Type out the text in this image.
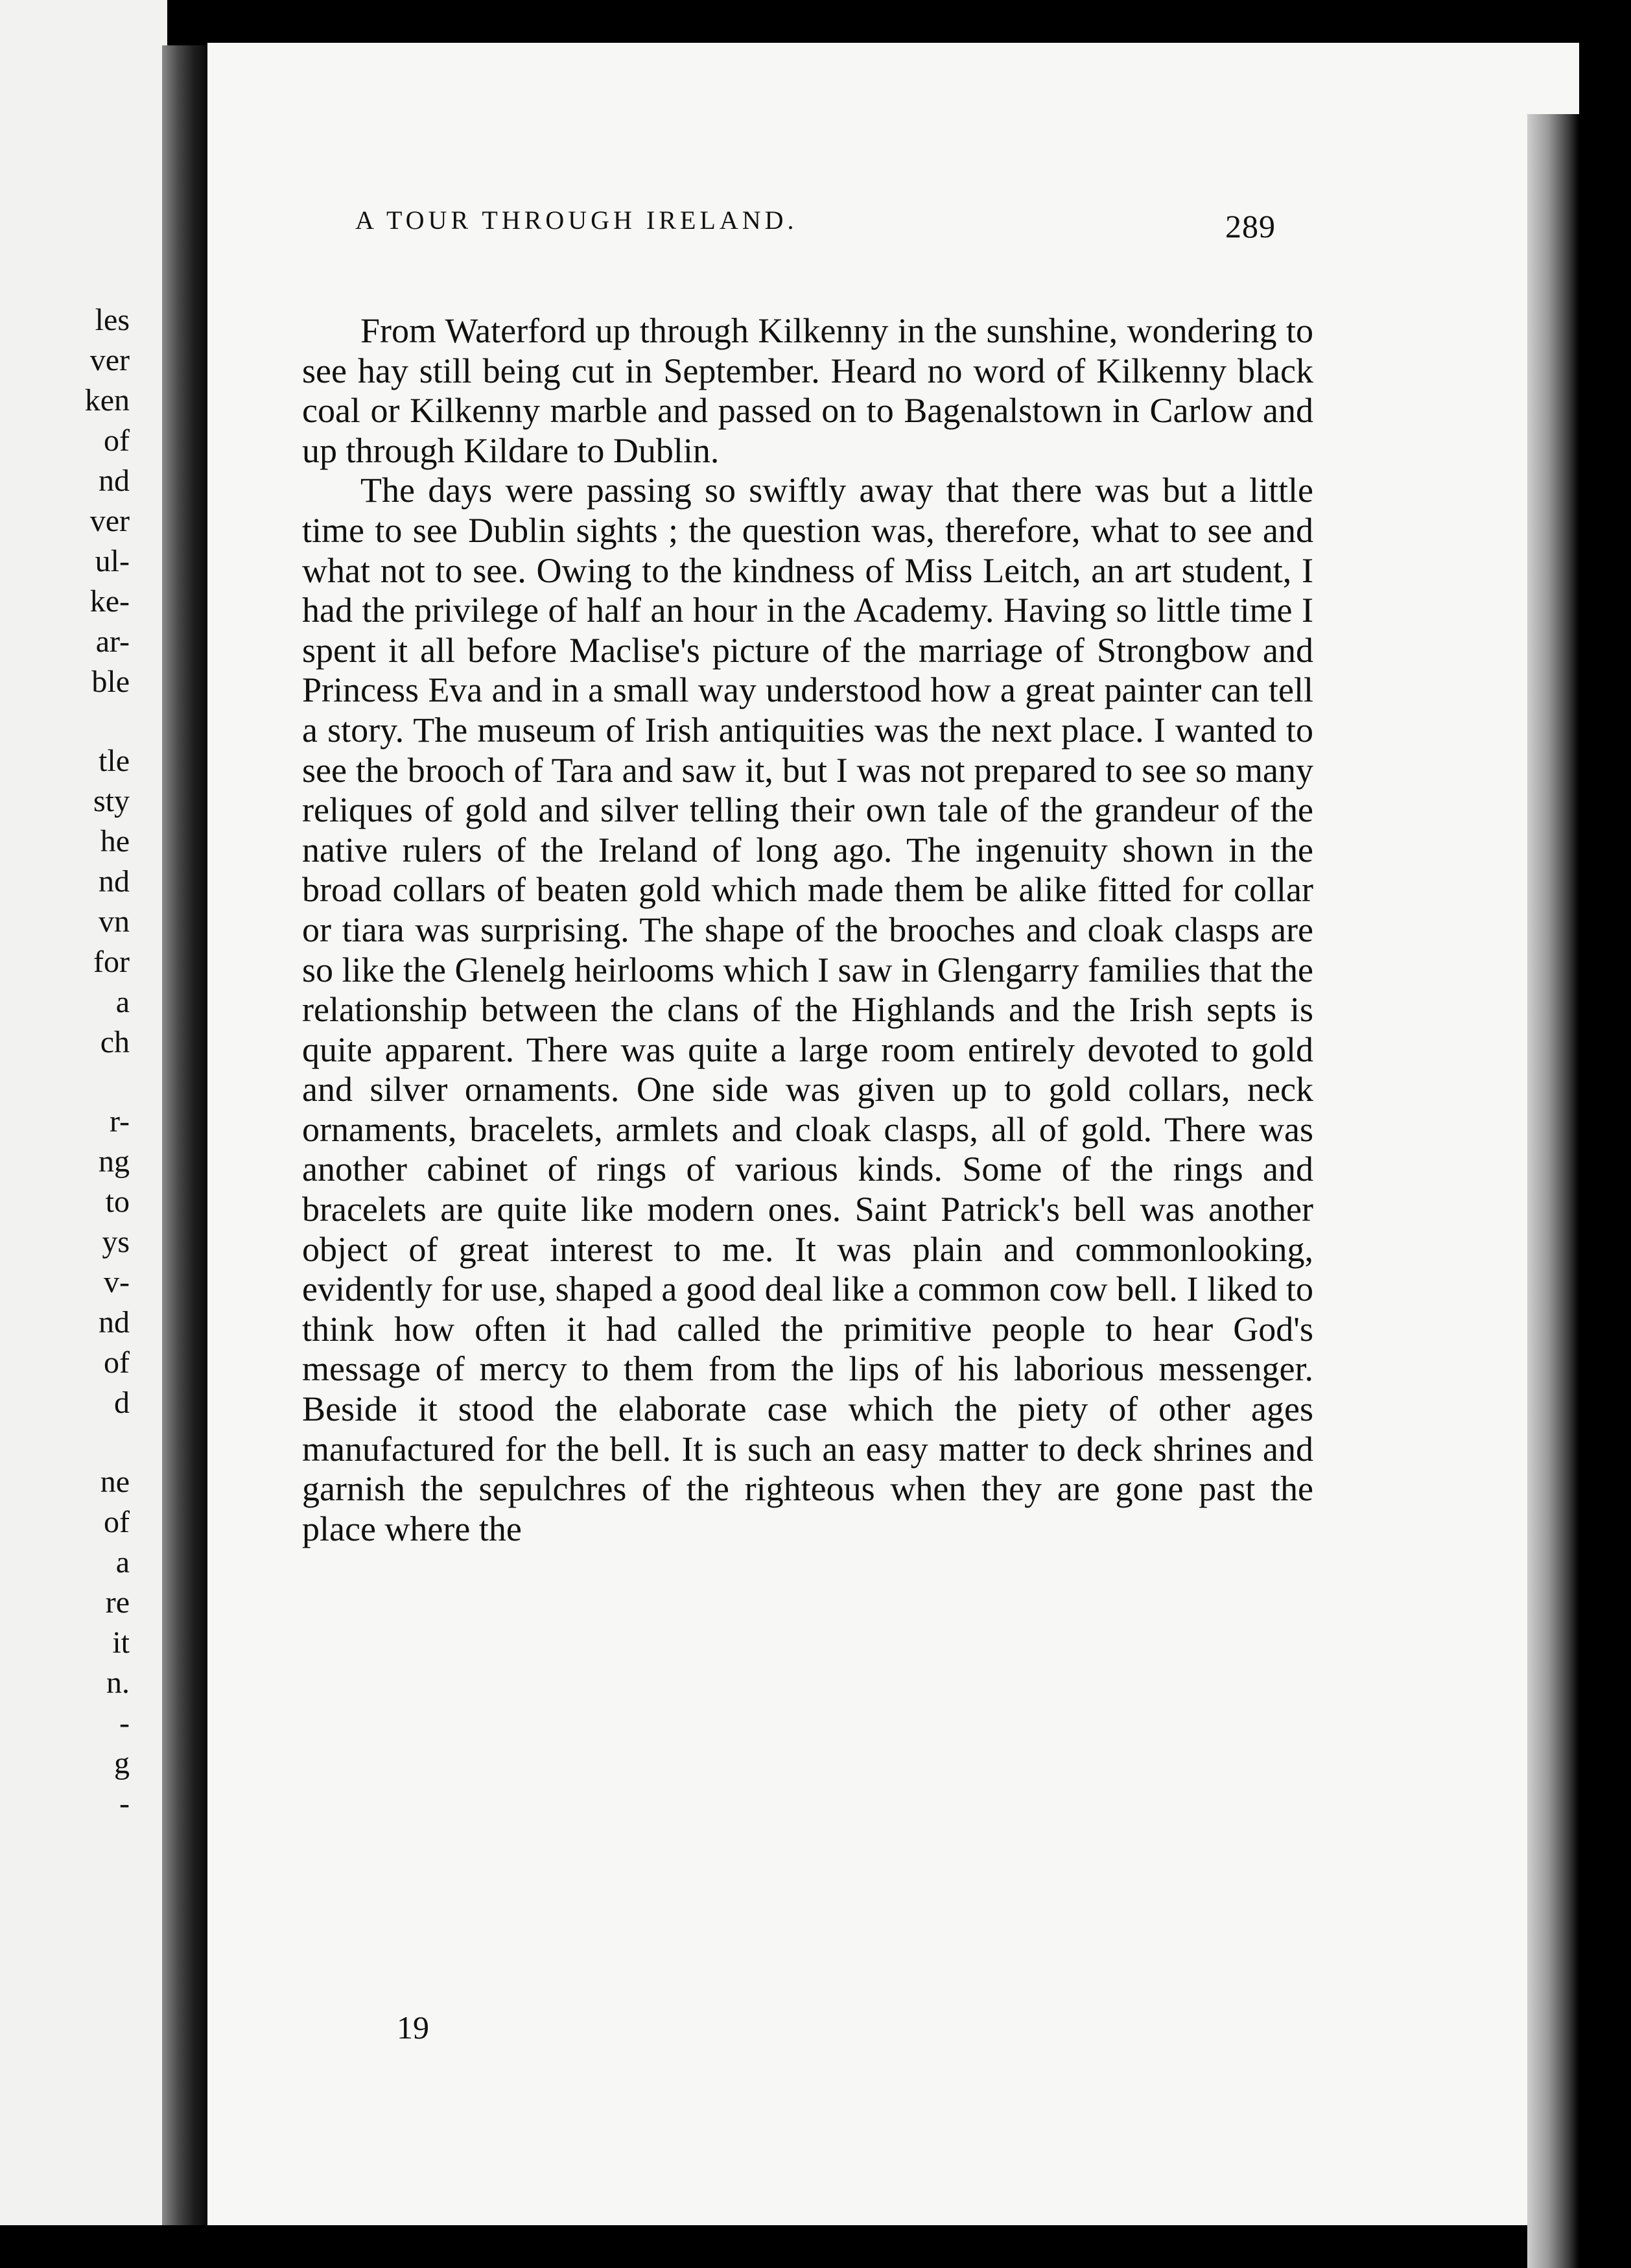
les
ver
ken
of
nd
ver
ul-
ke-
ar-
ble
tle
sty
he
nd
vn
for
a
ch
r-
ng
to
ys
v-
nd
of
d
ne
of
a
re
it
n.
-
g
-
A TOUR THROUGH IRELAND.	289

From Waterford up through Kilkenny in the sunshine, wondering to see hay still being cut in September. Heard no word of Kilkenny black coal or Kilkenny marble and passed on to Bagenalstown in Carlow and up through Kildare to Dublin.

The days were passing so swiftly away that there was but a little time to see Dublin sights ; the question was, therefore, what to see and what not to see. Owing to the kindness of Miss Leitch, an art student, I had the privilege of half an hour in the Academy. Having so little time I spent it all before Maclise's picture of the marriage of Strongbow and Princess Eva and in a small way understood how a great painter can tell a story. The museum of Irish antiquities was the next place. I wanted to see the brooch of Tara and saw it, but I was not prepared to see so many reliques of gold and silver telling their own tale of the grandeur of the native rulers of the Ireland of long ago. The ingenuity shown in the broad collars of beaten gold which made them be alike fitted for collar or tiara was surprising. The shape of the brooches and cloak clasps are so like the Glenelg heirlooms which I saw in Glengarry families that the relationship between the clans of the Highlands and the Irish septs is quite apparent. There was quite a large room entirely devoted to gold and silver ornaments. One side was given up to gold collars, neck ornaments, bracelets, armlets and cloak clasps, all of gold. There was another cabinet of rings of various kinds. Some of the rings and bracelets are quite like modern ones. Saint Patrick's bell was another object of great interest to me. It was plain and commonlooking, evidently for use, shaped a good deal like a common cow bell. I liked to think how often it had called the primitive people to hear God's message of mercy to them from the lips of his laborious messenger. Beside it stood the elaborate case which the piety of other ages manufactured for the bell. It is such an easy matter to deck shrines and garnish the sepulchres of the righteous when they are gone past the place where the

19
